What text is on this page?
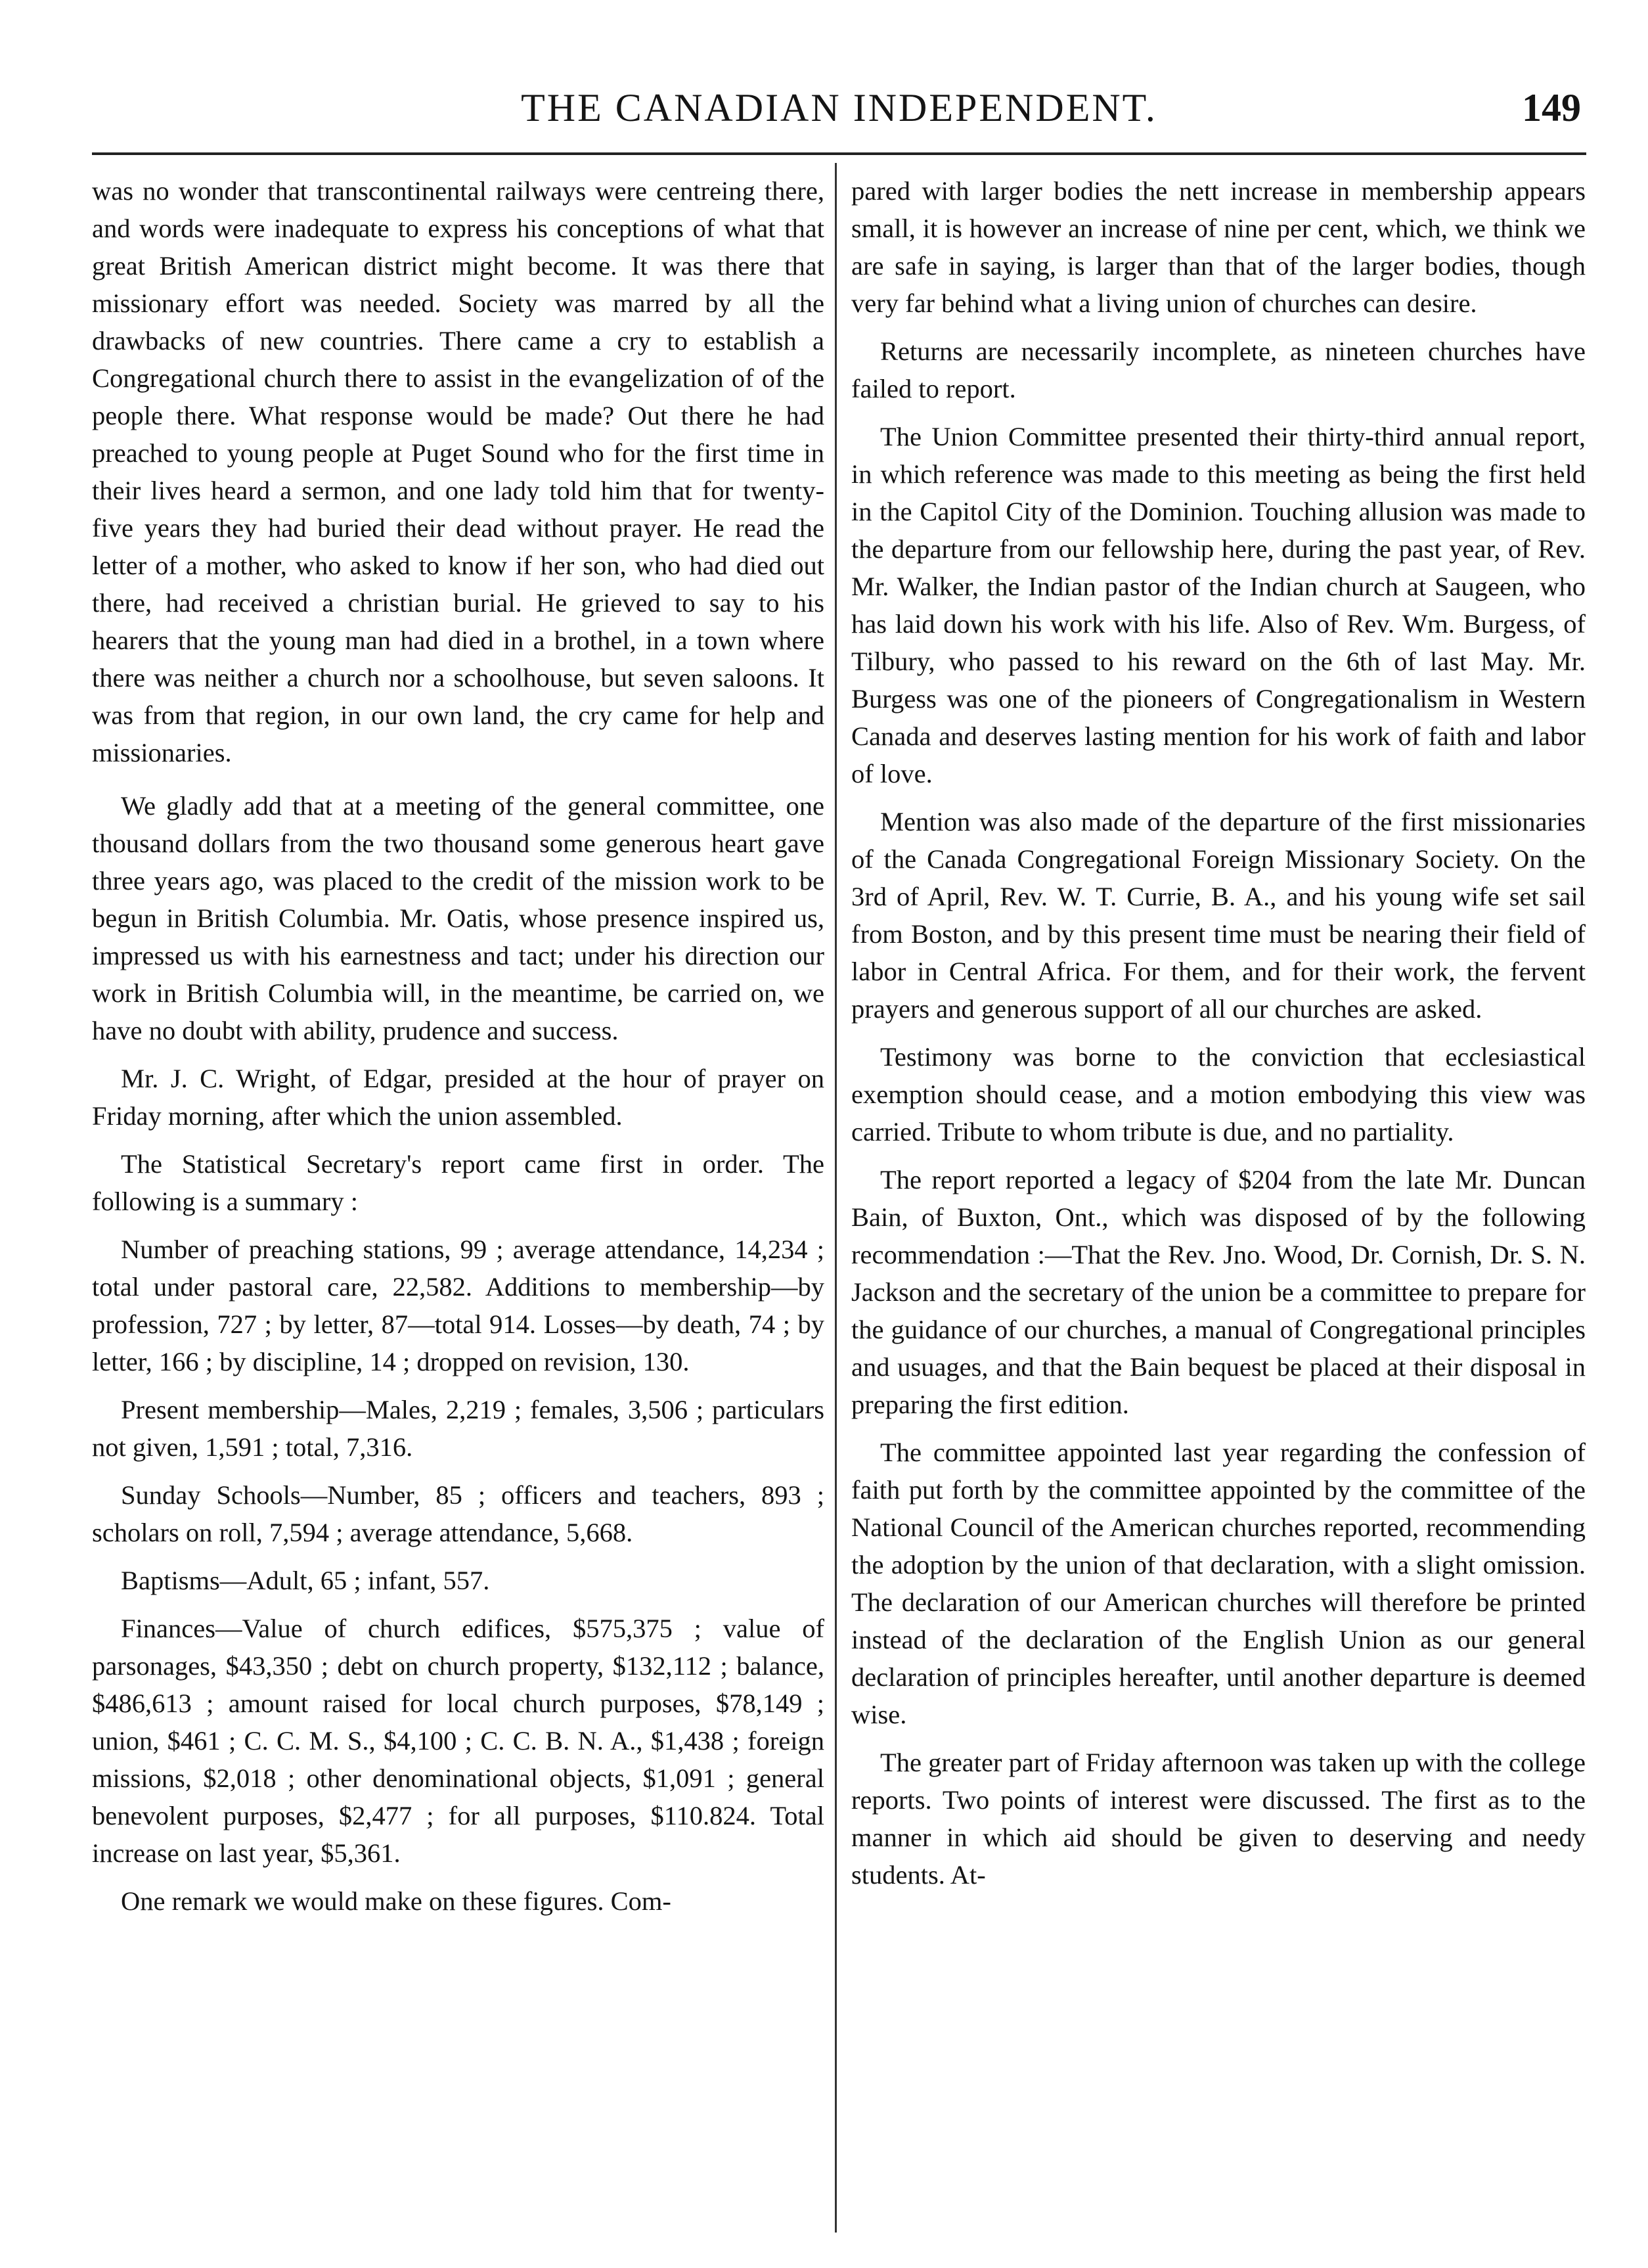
THE CANADIAN INDEPENDENT.	149

was no wonder that transcontinental railways were centreing there, and words were inadequate to express his conceptions of what that great British American district might become. It was there that missionary effort was needed. Society was marred by all the drawbacks of new countries. There came a cry to establish a Congregational church there to assist in the evangelization of of the people there. What response would be made? Out there he had preached to young people at Puget Sound who for the first time in their lives heard a sermon, and one lady told him that for twenty-five years they had buried their dead without prayer. He read the letter of a mother, who asked to know if her son, who had died out there, had received a christian burial. He grieved to say to his hearers that the young man had died in a brothel, in a town where there was neither a church nor a schoolhouse, but seven saloons. It was from that region, in our own land, the cry came for help and missionaries.

We gladly add that at a meeting of the general committee, one thousand dollars from the two thousand some generous heart gave three years ago, was placed to the credit of the mission work to be begun in British Columbia. Mr. Oatis, whose presence inspired us, impressed us with his earnestness and tact; under his direction our work in British Columbia will, in the meantime, be carried on, we have no doubt with ability, prudence and success.

Mr. J. C. Wright, of Edgar, presided at the hour of prayer on Friday morning, after which the union assembled.

The Statistical Secretary's report came first in order. The following is a summary :

Number of preaching stations, 99 ; average attendance, 14,234 ; total under pastoral care, 22,582. Additions to membership—by profession, 727 ; by letter, 87—total 914. Losses—by death, 74 ; by letter, 166 ; by discipline, 14 ; dropped on revision, 130.

Present membership—Males, 2,219 ; females, 3,506 ; particulars not given, 1,591 ; total, 7,316.

Sunday Schools—Number, 85 ; officers and teachers, 893 ; scholars on roll, 7,594 ; average attendance, 5,668.

Baptisms—Adult, 65 ; infant, 557.

Finances—Value of church edifices, $575,375 ; value of parsonages, $43,350 ; debt on church property, $132,112 ; balance, $486,613 ; amount raised for local church purposes, $78,149 ; union, $461 ; C. C. M. S., $4,100 ; C. C. B. N. A., $1,438 ; foreign missions, $2,018 ; other denominational objects, $1,091 ; general benevolent purposes, $2,477 ; for all purposes, $110.824. Total increase on last year, $5,361.

One remark we would make on these figures. Com-

pared with larger bodies the nett increase in membership appears small, it is however an increase of nine per cent, which, we think we are safe in saying, is larger than that of the larger bodies, though very far behind what a living union of churches can desire.

Returns are necessarily incomplete, as nineteen churches have failed to report.

The Union Committee presented their thirty-third annual report, in which reference was made to this meeting as being the first held in the Capitol City of the Dominion. Touching allusion was made to the departure from our fellowship here, during the past year, of Rev. Mr. Walker, the Indian pastor of the Indian church at Saugeen, who has laid down his work with his life. Also of Rev. Wm. Burgess, of Tilbury, who passed to his reward on the 6th of last May. Mr. Burgess was one of the pioneers of Congregationalism in Western Canada and deserves lasting mention for his work of faith and labor of love.

Mention was also made of the departure of the first missionaries of the Canada Congregational Foreign Missionary Society. On the 3rd of April, Rev. W. T. Currie, B. A., and his young wife set sail from Boston, and by this present time must be nearing their field of labor in Central Africa. For them, and for their work, the fervent prayers and generous support of all our churches are asked.

Testimony was borne to the conviction that ecclesiastical exemption should cease, and a motion embodying this view was carried. Tribute to whom tribute is due, and no partiality.

The report reported a legacy of $204 from the late Mr. Duncan Bain, of Buxton, Ont., which was disposed of by the following recommendation :—That the Rev. Jno. Wood, Dr. Cornish, Dr. S. N. Jackson and the secretary of the union be a committee to prepare for the guidance of our churches, a manual of Congregational principles and usuages, and that the Bain bequest be placed at their disposal in preparing the first edition.

The committee appointed last year regarding the confession of faith put forth by the committee appointed by the committee of the National Council of the American churches reported, recommending the adoption by the union of that declaration, with a slight omission. The declaration of our American churches will therefore be printed instead of the declaration of the English Union as our general declaration of principles hereafter, until another departure is deemed wise.

The greater part of Friday afternoon was taken up with the college reports. Two points of interest were discussed. The first as to the manner in which aid should be given to deserving and needy students. At-
